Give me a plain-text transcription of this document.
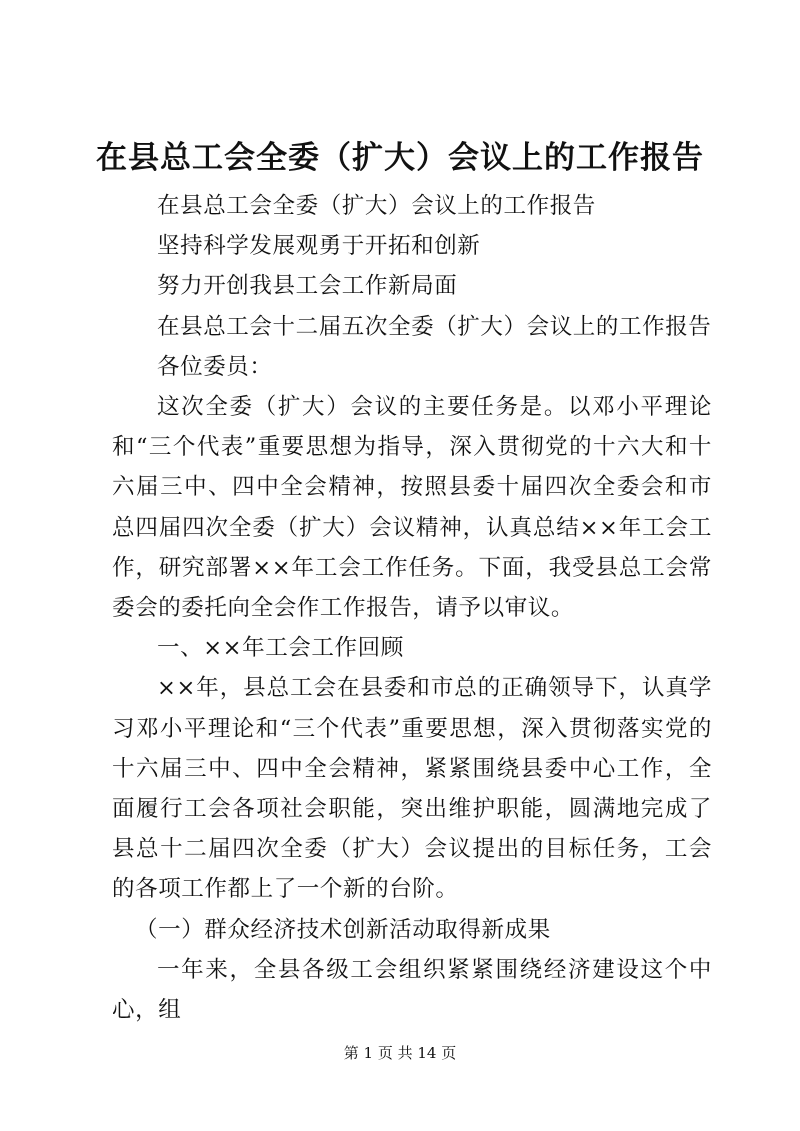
在县总工会全委（扩大）会议上的工作报告

在县总工会全委（扩大）会议上的工作报告

坚持科学发展观勇于开拓和创新

努力开创我县工会工作新局面

在县总工会十二届五次全委（扩大）会议上的工作报告

各位委员：

这次全委（扩大）会议的主要任务是。以邓小平理论和“三个代表”重要思想为指导，深入贯彻党的十六大和十六届三中、四中全会精神，按照县委十届四次全委会和市总四届四次全委（扩大）会议精神，认真总结××年工会工作，研究部署××年工会工作任务。下面，我受县总工会常委会的委托向全会作工作报告，请予以审议。

一、××年工会工作回顾

××年，县总工会在县委和市总的正确领导下，认真学习邓小平理论和“三个代表”重要思想，深入贯彻落实党的十六届三中、四中全会精神，紧紧围绕县委中心工作，全面履行工会各项社会职能，突出维护职能，圆满地完成了县总十二届四次全委（扩大）会议提出的目标任务，工会的各项工作都上了一个新的台阶。

（一）群众经济技术创新活动取得新成果

一年来，全县各级工会组织紧紧围绕经济建设这个中心，组

第 1 页 共 14 页
